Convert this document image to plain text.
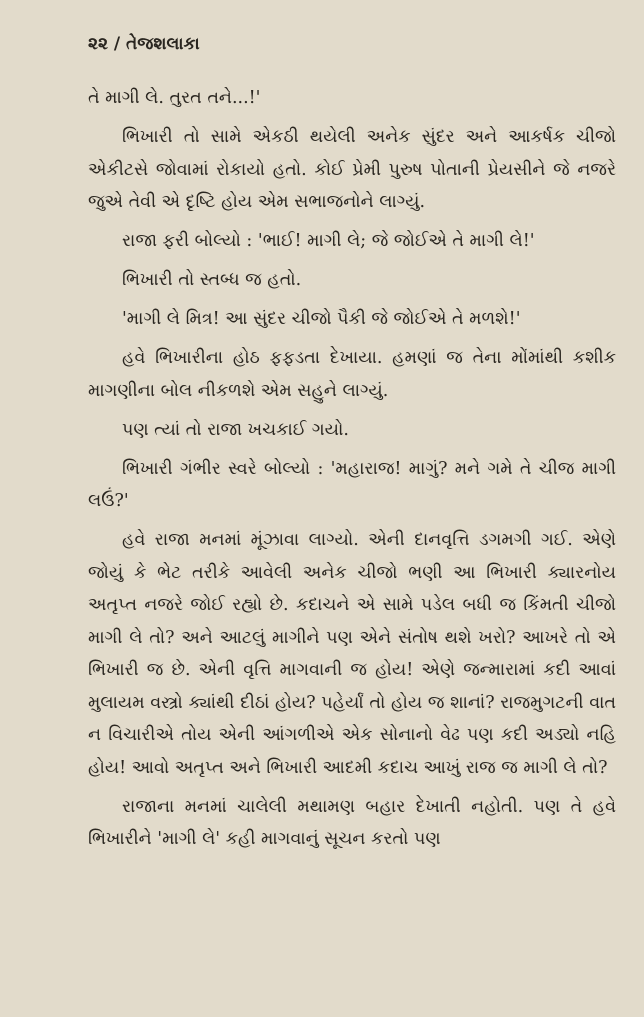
૨૨ / તેજશલાકા

તે માગી લે. તુરત તને...!'

ભિખારી તો સામે એકઠી થયેલી અનેક સુંદર અને આકર્ષક ચીજો એકીટસે જોવામાં રોકાયો હતો. કોઈ પ્રેમી પુરુષ પોતાની પ્રેયસીને જે નજરે જુએ તેવી એ દૃષ્ટિ હોય એમ સભાજનોને લાગ્યું.

રાજા ફરી બોલ્યો : 'ભાઈ! માગી લે; જે જોઈએ તે માગી લે!'

ભિખારી તો સ્તબ્ધ જ હતો.

'માગી લે મિત્ર! આ સુંદર ચીજો પૈકી જે જોઈએ તે મળશે!'

હવે ભિખારીના હોઠ ફફડતા દેખાયા. હમણાં જ તેના મોંમાંથી કશીક માગણીના બોલ નીકળશે એમ સહુને લાગ્યું.

પણ ત્યાં તો રાજા ખચકાઈ ગયો.

ભિખારી ગંભીર સ્વરે બોલ્યો : 'મહારાજ! માગું? મને ગમે તે ચીજ માગી લઉં?'

હવે રાજા મનમાં મૂંઝાવા લાગ્યો. એની દાનવૃત્તિ ડગમગી ગઈ. એણે જોયું કે ભેટ તરીકે આવેલી અનેક ચીજો ભણી આ ભિખારી ક્યારનોય અતૃપ્ત નજરે જોઈ રહ્યો છે. કદાચને એ સામે પડેલ બધી જ કિંમતી ચીજો માગી લે તો? અને આટલું માગીને પણ એને સંતોષ થશે ખરો? આખરે તો એ ભિખારી જ છે. એની વૃત્તિ માગવાની જ હોય! એણે જન્મારામાં કદી આવાં મુલાયમ વસ્ત્રો ક્યાંથી દીઠાં હોય? પહેર્યાં તો હોય જ શાનાં? રાજમુગટની વાત ન વિચારીએ તોય એની આંગળીએ એક સોનાનો વેઢ પણ કદી અડ્યો નહિ હોય! આવો અતૃપ્ત અને ભિખારી આદમી કદાચ આખું રાજ જ માગી લે તો?

રાજાના મનમાં ચાલેલી મથામણ બહાર દેખાતી નહોતી. પણ તે હવે ભિખારીને 'માગી લે' કહી માગવાનું સૂચન કરતો પણ
